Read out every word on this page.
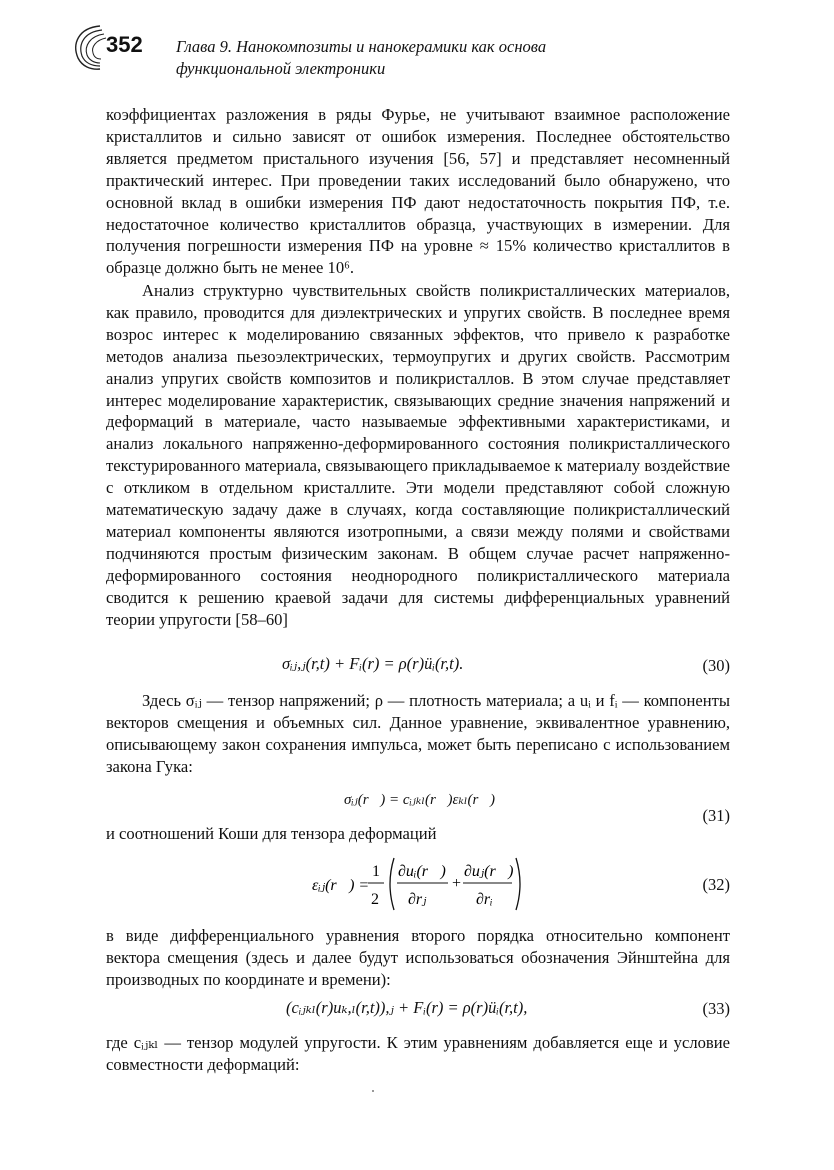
352 Глава 9. Нанокомпозиты и нанокерамики как основа
функциональной электроники

коэффициентах разложения в ряды Фурье, не учитывают взаимное расположение кристаллитов и сильно зависят от ошибок измерения. Последнее обстоятельство является предметом пристального изучения [56, 57] и представляет несомненный практический интерес. При проведении таких исследований было обнаружено, что основной вклад в ошибки измерения ПФ дают недостаточность покрытия ПФ, т.е. недостаточное количество кристаллитов образца, участвующих в измерении. Для получения погрешности измерения ПФ на уровне ≈ 15% количество кристаллитов в образце должно быть не менее 10⁶.

Анализ структурно чувствительных свойств поликристаллических материалов, как правило, проводится для диэлектрических и упругих свойств. В последнее время возрос интерес к моделированию связанных эффектов, что привело к разработке методов анализа пьезоэлектрических, термоупругих и других свойств. Рассмотрим анализ упругих свойств композитов и поликристаллов. В этом случае представляет интерес моделирование характеристик, связывающих средние значения напряжений и деформаций в материале, часто называемые эффективными характеристиками, и анализ локального напряженно-деформированного состояния поликристаллического текстурированного материала, связывающего прикладываемое к материалу воздействие с откликом в отдельном кристаллите. Эти модели представляют собой сложную математическую задачу даже в случаях, когда составляющие поликристаллический материал компоненты являются изотропными, а связи между полями и свойствами подчиняются простым физическим законам. В общем случае расчет напряженно-деформированного состояния неоднородного поликристаллического материала сводится к решению краевой задачи для системы дифференциальных уравнений теории упругости [58–60]

σᵢⱼ,ⱼ(r,t) + Fᵢ(r) = ρ(r)üᵢ(r,t).	(30)

Здесь σᵢⱼ — тензор напряжений; ρ — плотность материала; а uᵢ и fᵢ — компоненты векторов смещения и объемных сил. Данное уравнение, эквивалентное уравнению, описывающему закон сохранения импульса, может быть переписано с использованием закона Гука:

σᵢⱼ(r⃗) = cᵢⱼₖₗ(r⃗)εₖₗ(r⃗)
(31)

и соотношений Коши для тензора деформаций

εᵢⱼ(r⃗) =
1
2
∂uᵢ(r⃗)
∂rⱼ
+
∂uⱼ(r⃗)
∂rᵢ
(32)

в виде дифференциального уравнения второго порядка относительно компонент вектора смещения (здесь и далее будут использоваться обозначения Эйнштейна для производных по координате и времени):

(cᵢⱼₖₗ(r)uₖ,ₗ(r,t)),ⱼ + Fᵢ(r) = ρ(r)üᵢ(r,t),	(33)

где cᵢⱼₖₗ — тензор модулей упругости. К этим уравнениям добавляется еще и условие совместности деформаций:
